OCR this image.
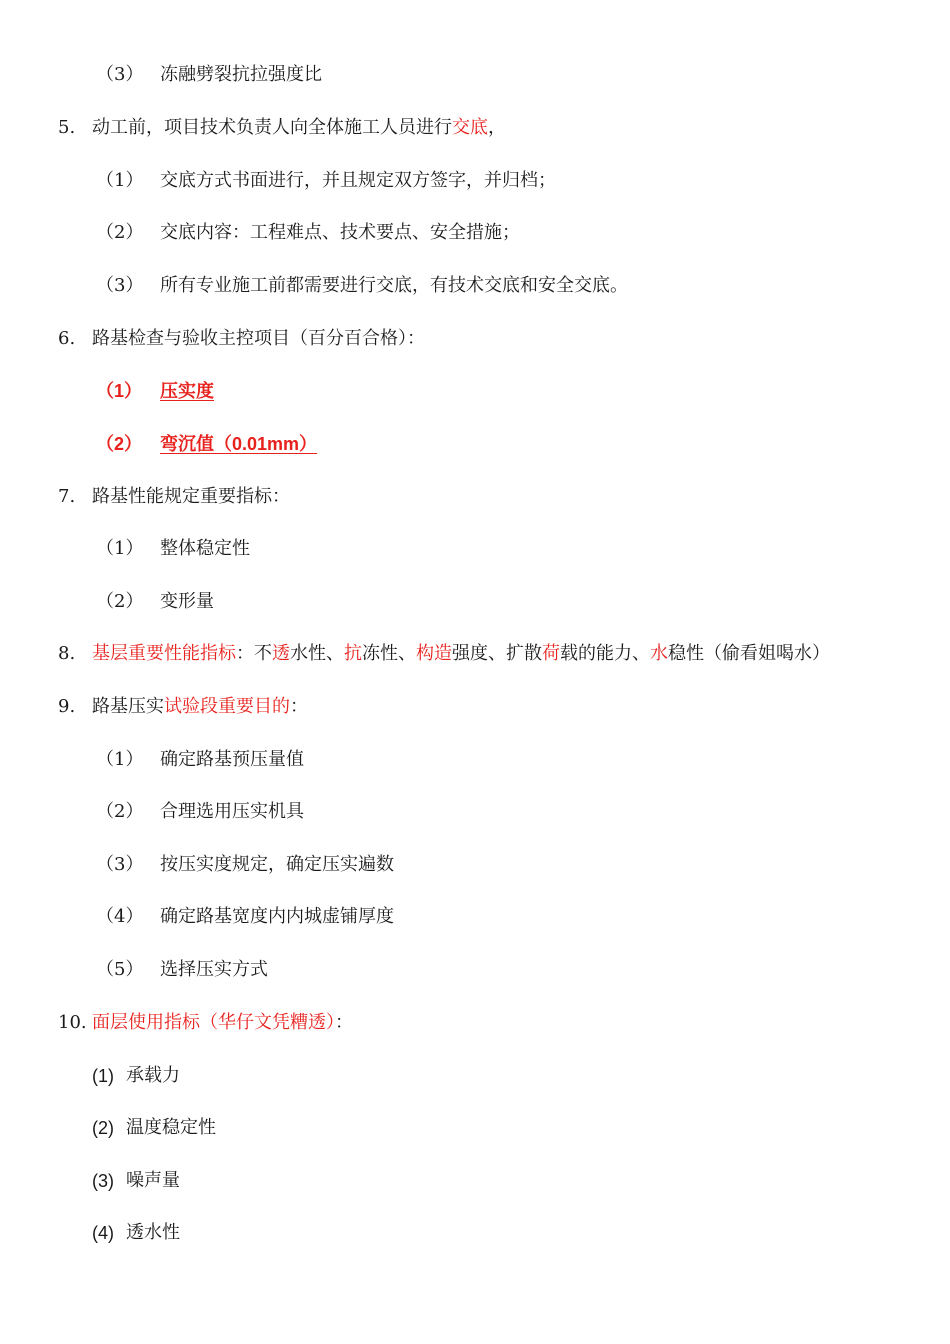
（3） 冻融劈裂抗拉强度比
5. 动工前，项目技术负责人向全体施工人员进行交底，
（1） 交底方式书面进行，并且规定双方签字，并归档；
（2） 交底内容：工程难点、技术要点、安全措施；
（3） 所有专业施工前都需要进行交底，有技术交底和安全交底。
6. 路基检查与验收主控项目（百分百合格）：
（1） 压实度
（2） 弯沉值（0.01mm）
7. 路基性能规定重要指标：
（1） 整体稳定性
（2） 变形量
8. 基层重要性能指标：不透水性、抗冻性、构造强度、扩散荷载的能力、水稳性（偷看姐喝水）
9. 路基压实试验段重要目的：
（1） 确定路基预压量值
（2） 合理选用压实机具
（3） 按压实度规定，确定压实遍数
（4） 确定路基宽度内内城虚铺厚度
（5） 选择压实方式
10. 面层使用指标（华仔文凭糟透）：
(1) 承载力
(2) 温度稳定性
(3) 噪声量
(4) 透水性
